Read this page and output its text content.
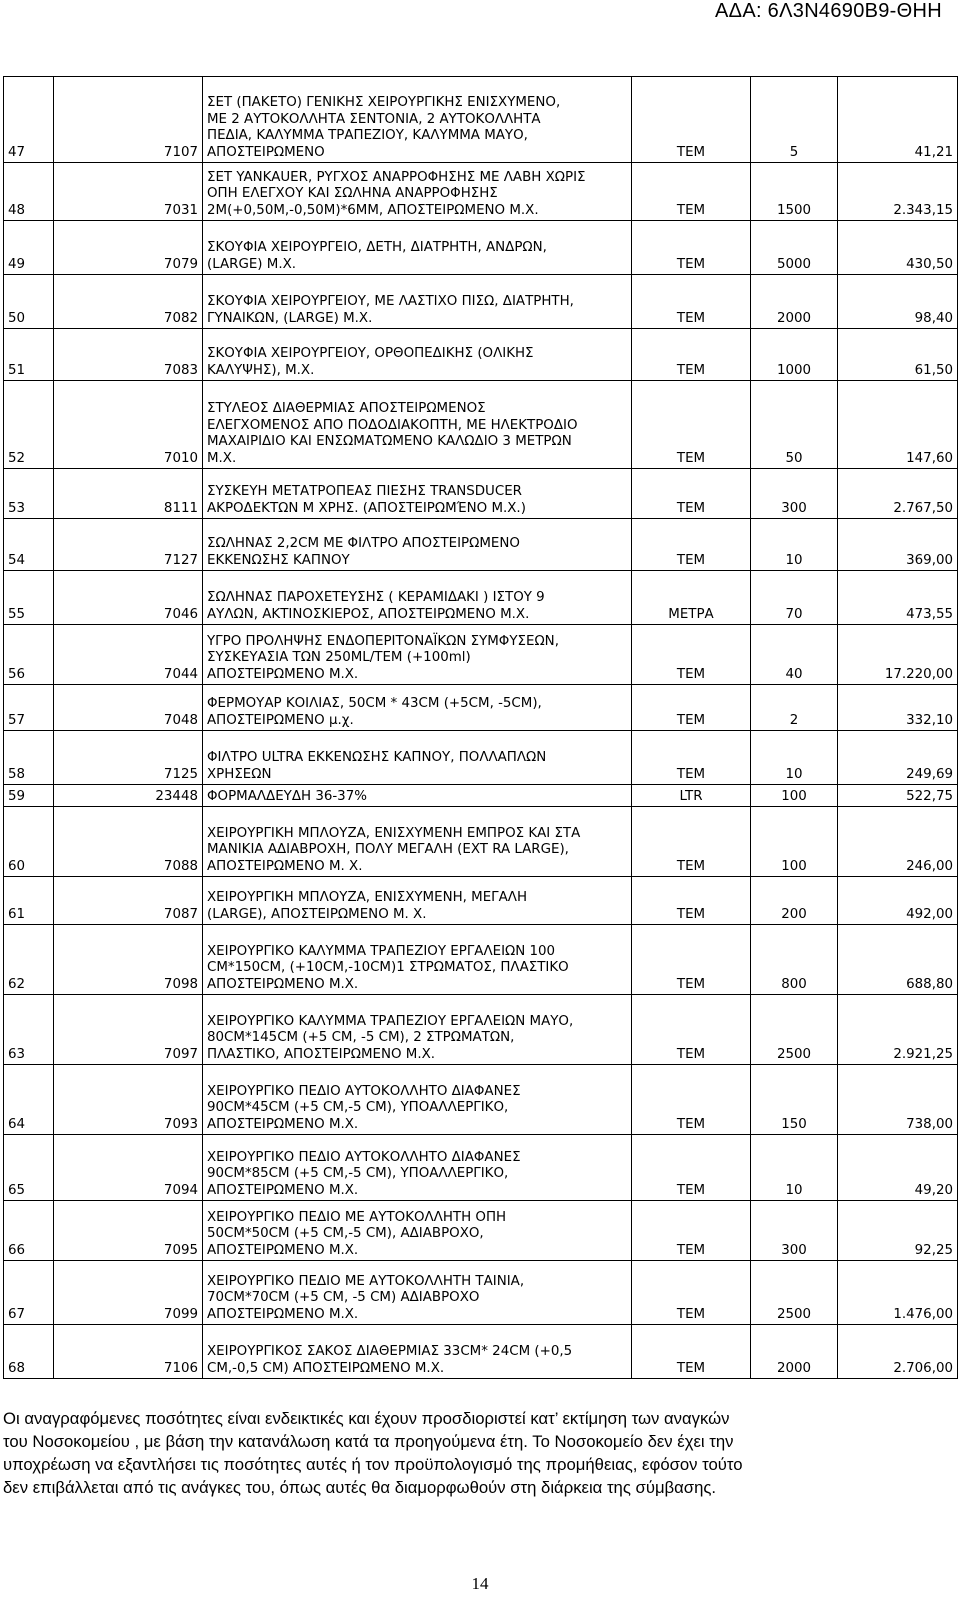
ΑΔΑ: 6Λ3Ν4690Β9-ΘΗΗ
47	7107	ΣΕΤ (ΠΑΚΕΤΟ) ΓΕΝΙΚΗΣ ΧΕΙΡΟΥΡΓΙΚΗΣ ΕΝΙΣΧΥΜΕΝΟ,
ΜΕ 2 ΑΥΤΟΚΟΛΛΗΤΑ ΣΕΝΤΟΝΙΑ, 2 ΑΥΤΟΚΟΛΛΗΤΑ
ΠΕΔΙΑ, ΚΑΛΥΜΜΑ ΤΡΑΠΕΖΙΟΥ, ΚΑΛΥΜΜΑ ΜΑΥΟ,
ΑΠΟΣΤΕΙΡΩΜΕΝΟ	ΤΕΜ	5	41,21
48	7031	ΣΕΤ YANKAUER, ΡΥΓΧΟΣ ΑΝΑΡΡΟΦΗΣΗΣ ΜΕ ΛΑΒΗ ΧΩΡΙΣ
ΟΠΗ ΕΛΕΓΧΟΥ ΚΑΙ ΣΩΛΗΝΑ ΑΝΑΡΡΟΦΗΣΗΣ
2Μ(+0,50Μ,-0,50Μ)*6ΜΜ, ΑΠΟΣΤΕΙΡΩΜΕΝΟ Μ.Χ.	ΤΕΜ	1500	2.343,15
49	7079	ΣΚΟΥΦΙΑ ΧΕΙΡΟΥΡΓΕΙΟ, ΔΕΤΗ, ΔΙΑΤΡΗΤΗ, ΑΝΔΡΩΝ,
(LARGE) Μ.Χ.	ΤΕΜ	5000	430,50
50	7082	ΣΚΟΥΦΙΑ ΧΕΙΡΟΥΡΓΕΙΟΥ, ΜΕ ΛΑΣΤΙΧΟ ΠΙΣΩ, ΔΙΑΤΡΗΤΗ,
ΓΥΝΑΙΚΩΝ, (LARGE) Μ.Χ.	ΤΕΜ	2000	98,40
51	7083	ΣΚΟΥΦΙΑ ΧΕΙΡΟΥΡΓΕΙΟΥ, ΟΡΘΟΠΕΔΙΚΗΣ (ΟΛΙΚΗΣ
ΚΑΛΥΨΗΣ), Μ.Χ.	ΤΕΜ	1000	61,50
52	7010	ΣΤΥΛΕΟΣ ΔΙΑΘΕΡΜΙΑΣ ΑΠΟΣΤΕΙΡΩΜΕΝΟΣ
ΕΛΕΓΧΟΜΕΝΟΣ ΑΠΟ ΠΟΔΟΔΙΑΚΟΠΤΗ, ΜΕ ΗΛΕΚΤΡΟΔΙΟ
ΜΑΧΑΙΡΙΔΙΟ ΚΑΙ ΕΝΣΩΜΑΤΩΜΕΝΟ ΚΑΛΩΔΙΟ 3 ΜΕΤΡΩΝ
Μ.Χ.	ΤΕΜ	50	147,60
53	8111	ΣΥΣΚΕΥΗ ΜΕΤΑΤΡΟΠΕΑΣ ΠΙΕΣΗΣ TRANSDUCER
ΑΚΡΟΔΕΚΤΩΝ Μ ΧΡΗΣ. (ΑΠΟΣΤΕΙΡΩΜΈΝΟ Μ.Χ.)	ΤΕΜ	300	2.767,50
54	7127	ΣΩΛΗΝΑΣ 2,2CM ΜΕ ΦΙΛΤΡΟ ΑΠΟΣΤΕΙΡΩΜΕΝΟ
ΕΚΚΕΝΩΣΗΣ ΚΑΠΝΟΥ	ΤΕΜ	10	369,00
55	7046	ΣΩΛΗΝΑΣ ΠΑΡΟΧΕΤΕΥΣΗΣ ( ΚΕΡΑΜΙΔΑΚΙ ) ΙΣΤΟΥ 9
ΑΥΛΩΝ, ΑΚΤΙΝΟΣΚΙΕΡΟΣ, ΑΠΟΣΤΕΙΡΩΜΕΝΟ Μ.Χ.	ΜΕΤΡΑ	70	473,55
56	7044	ΥΓΡΟ ΠΡΟΛΗΨΗΣ ΕΝΔΟΠΕΡΙΤΟΝΑΪΚΩΝ ΣΥΜΦΥΣΕΩΝ,
ΣΥΣΚΕΥΑΣΙΑ ΤΩΝ 250ML/ΤΕΜ (+100ml)
ΑΠΟΣΤΕΙΡΩΜΕΝΟ Μ.Χ.	ΤΕΜ	40	17.220,00
57	7048	ΦΕΡΜΟΥΑΡ ΚΟΙΛΙΑΣ, 50CM * 43CM (+5CM, -5CM),
ΑΠΟΣΤΕΙΡΩΜΕΝΟ μ.χ.	ΤΕΜ	2	332,10
58	7125	ΦΙΛΤΡΟ ULTRA ΕΚΚΕΝΩΣΗΣ ΚΑΠΝΟΥ, ΠΟΛΛΑΠΛΩΝ
ΧΡΗΣΕΩΝ	ΤΕΜ	10	249,69
59	23448	ΦΟΡΜΑΛΔΕΥΔΗ 36-37%	LTR	100	522,75
60	7088	ΧΕΙΡΟΥΡΓΙΚΗ ΜΠΛΟΥΖΑ, ΕΝΙΣΧΥΜΕΝΗ ΕΜΠΡΟΣ ΚΑΙ ΣΤΑ
ΜΑΝΙΚΙΑ ΑΔΙΑΒΡΟΧΗ, ΠΟΛΥ ΜΕΓΑΛΗ (EXT RA LARGE),
ΑΠΟΣΤΕΙΡΩΜΕΝΟ Μ. Χ.	ΤΕΜ	100	246,00
61	7087	ΧΕΙΡΟΥΡΓΙΚΗ ΜΠΛΟΥΖΑ, ΕΝΙΣΧΥΜΕΝΗ, ΜΕΓΑΛΗ
(LARGE), ΑΠΟΣΤΕΙΡΩΜΕΝΟ Μ. Χ.	ΤΕΜ	200	492,00
62	7098	ΧΕΙΡΟΥΡΓΙΚΟ ΚΑΛΥΜΜΑ ΤΡΑΠΕΖΙΟΥ ΕΡΓΑΛΕΙΩΝ 100
CM*150CM, (+10CM,-10CM)1 ΣΤΡΩΜΑΤΟΣ, ΠΛΑΣΤΙΚΟ
ΑΠΟΣΤΕΙΡΩΜΕΝΟ Μ.Χ.	ΤΕΜ	800	688,80
63	7097	ΧΕΙΡΟΥΡΓΙΚΟ ΚΑΛΥΜΜΑ ΤΡΑΠΕΖΙΟΥ ΕΡΓΑΛΕΙΩΝ ΜΑΥΟ,
80CM*145CM (+5 CM, -5 CM), 2 ΣΤΡΩΜΑΤΩΝ,
ΠΛΑΣΤΙΚΟ, ΑΠΟΣΤΕΙΡΩΜΕΝΟ Μ.Χ.	ΤΕΜ	2500	2.921,25
64	7093	ΧΕΙΡΟΥΡΓΙΚΟ ΠΕΔΙΟ ΑΥΤΟΚΟΛΛΗΤΟ ΔΙΑΦΑΝΕΣ
90CM*45CM (+5 CM,-5 CM), ΥΠΟΑΛΛΕΡΓΙΚΟ,
ΑΠΟΣΤΕΙΡΩΜΕΝΟ Μ.Χ.	ΤΕΜ	150	738,00
65	7094	ΧΕΙΡΟΥΡΓΙΚΟ ΠΕΔΙΟ ΑΥΤΟΚΟΛΛΗΤΟ ΔΙΑΦΑΝΕΣ
90CM*85CM (+5 CM,-5 CM), ΥΠΟΑΛΛΕΡΓΙΚΟ,
ΑΠΟΣΤΕΙΡΩΜΕΝΟ Μ.Χ.	ΤΕΜ	10	49,20
66	7095	ΧΕΙΡΟΥΡΓΙΚΟ ΠΕΔΙΟ ΜΕ ΑΥΤΟΚΟΛΛΗΤΗ ΟΠΗ
50CM*50CM (+5 CM,-5 CM), ΑΔΙΑΒΡΟΧΟ,
ΑΠΟΣΤΕΙΡΩΜΕΝΟ Μ.Χ.	ΤΕΜ	300	92,25
67	7099	ΧΕΙΡΟΥΡΓΙΚΟ ΠΕΔΙΟ ΜΕ ΑΥΤΟΚΟΛΛΗΤΗ ΤΑΙΝΙΑ,
70CM*70CM (+5 CM, -5 CM) ΑΔΙΑΒΡΟΧΟ
ΑΠΟΣΤΕΙΡΩΜΕΝΟ Μ.Χ.	ΤΕΜ	2500	1.476,00
68	7106	ΧΕΙΡΟΥΡΓΙΚΟΣ ΣΑΚΟΣ ΔΙΑΘΕΡΜΙΑΣ 33CM* 24CM (+0,5
CM,-0,5 CM) ΑΠΟΣΤΕΙΡΩΜΕΝΟ Μ.Χ.	ΤΕΜ	2000	2.706,00
Οι αναγραφόμενες ποσότητες είναι ενδεικτικές και έχουν προσδιοριστεί κατ’ εκτίμηση των αναγκών
του Νοσοκομείου , με βάση την κατανάλωση κατά τα προηγούμενα έτη. Το Νοσοκομείο δεν έχει την
υποχρέωση να εξαντλήσει τις ποσότητες αυτές ή τον προϋπολογισμό της προμήθειας, εφόσον τούτο
δεν επιβάλλεται από τις ανάγκες του, όπως αυτές θα διαμορφωθούν στη διάρκεια της σύμβασης.
14
